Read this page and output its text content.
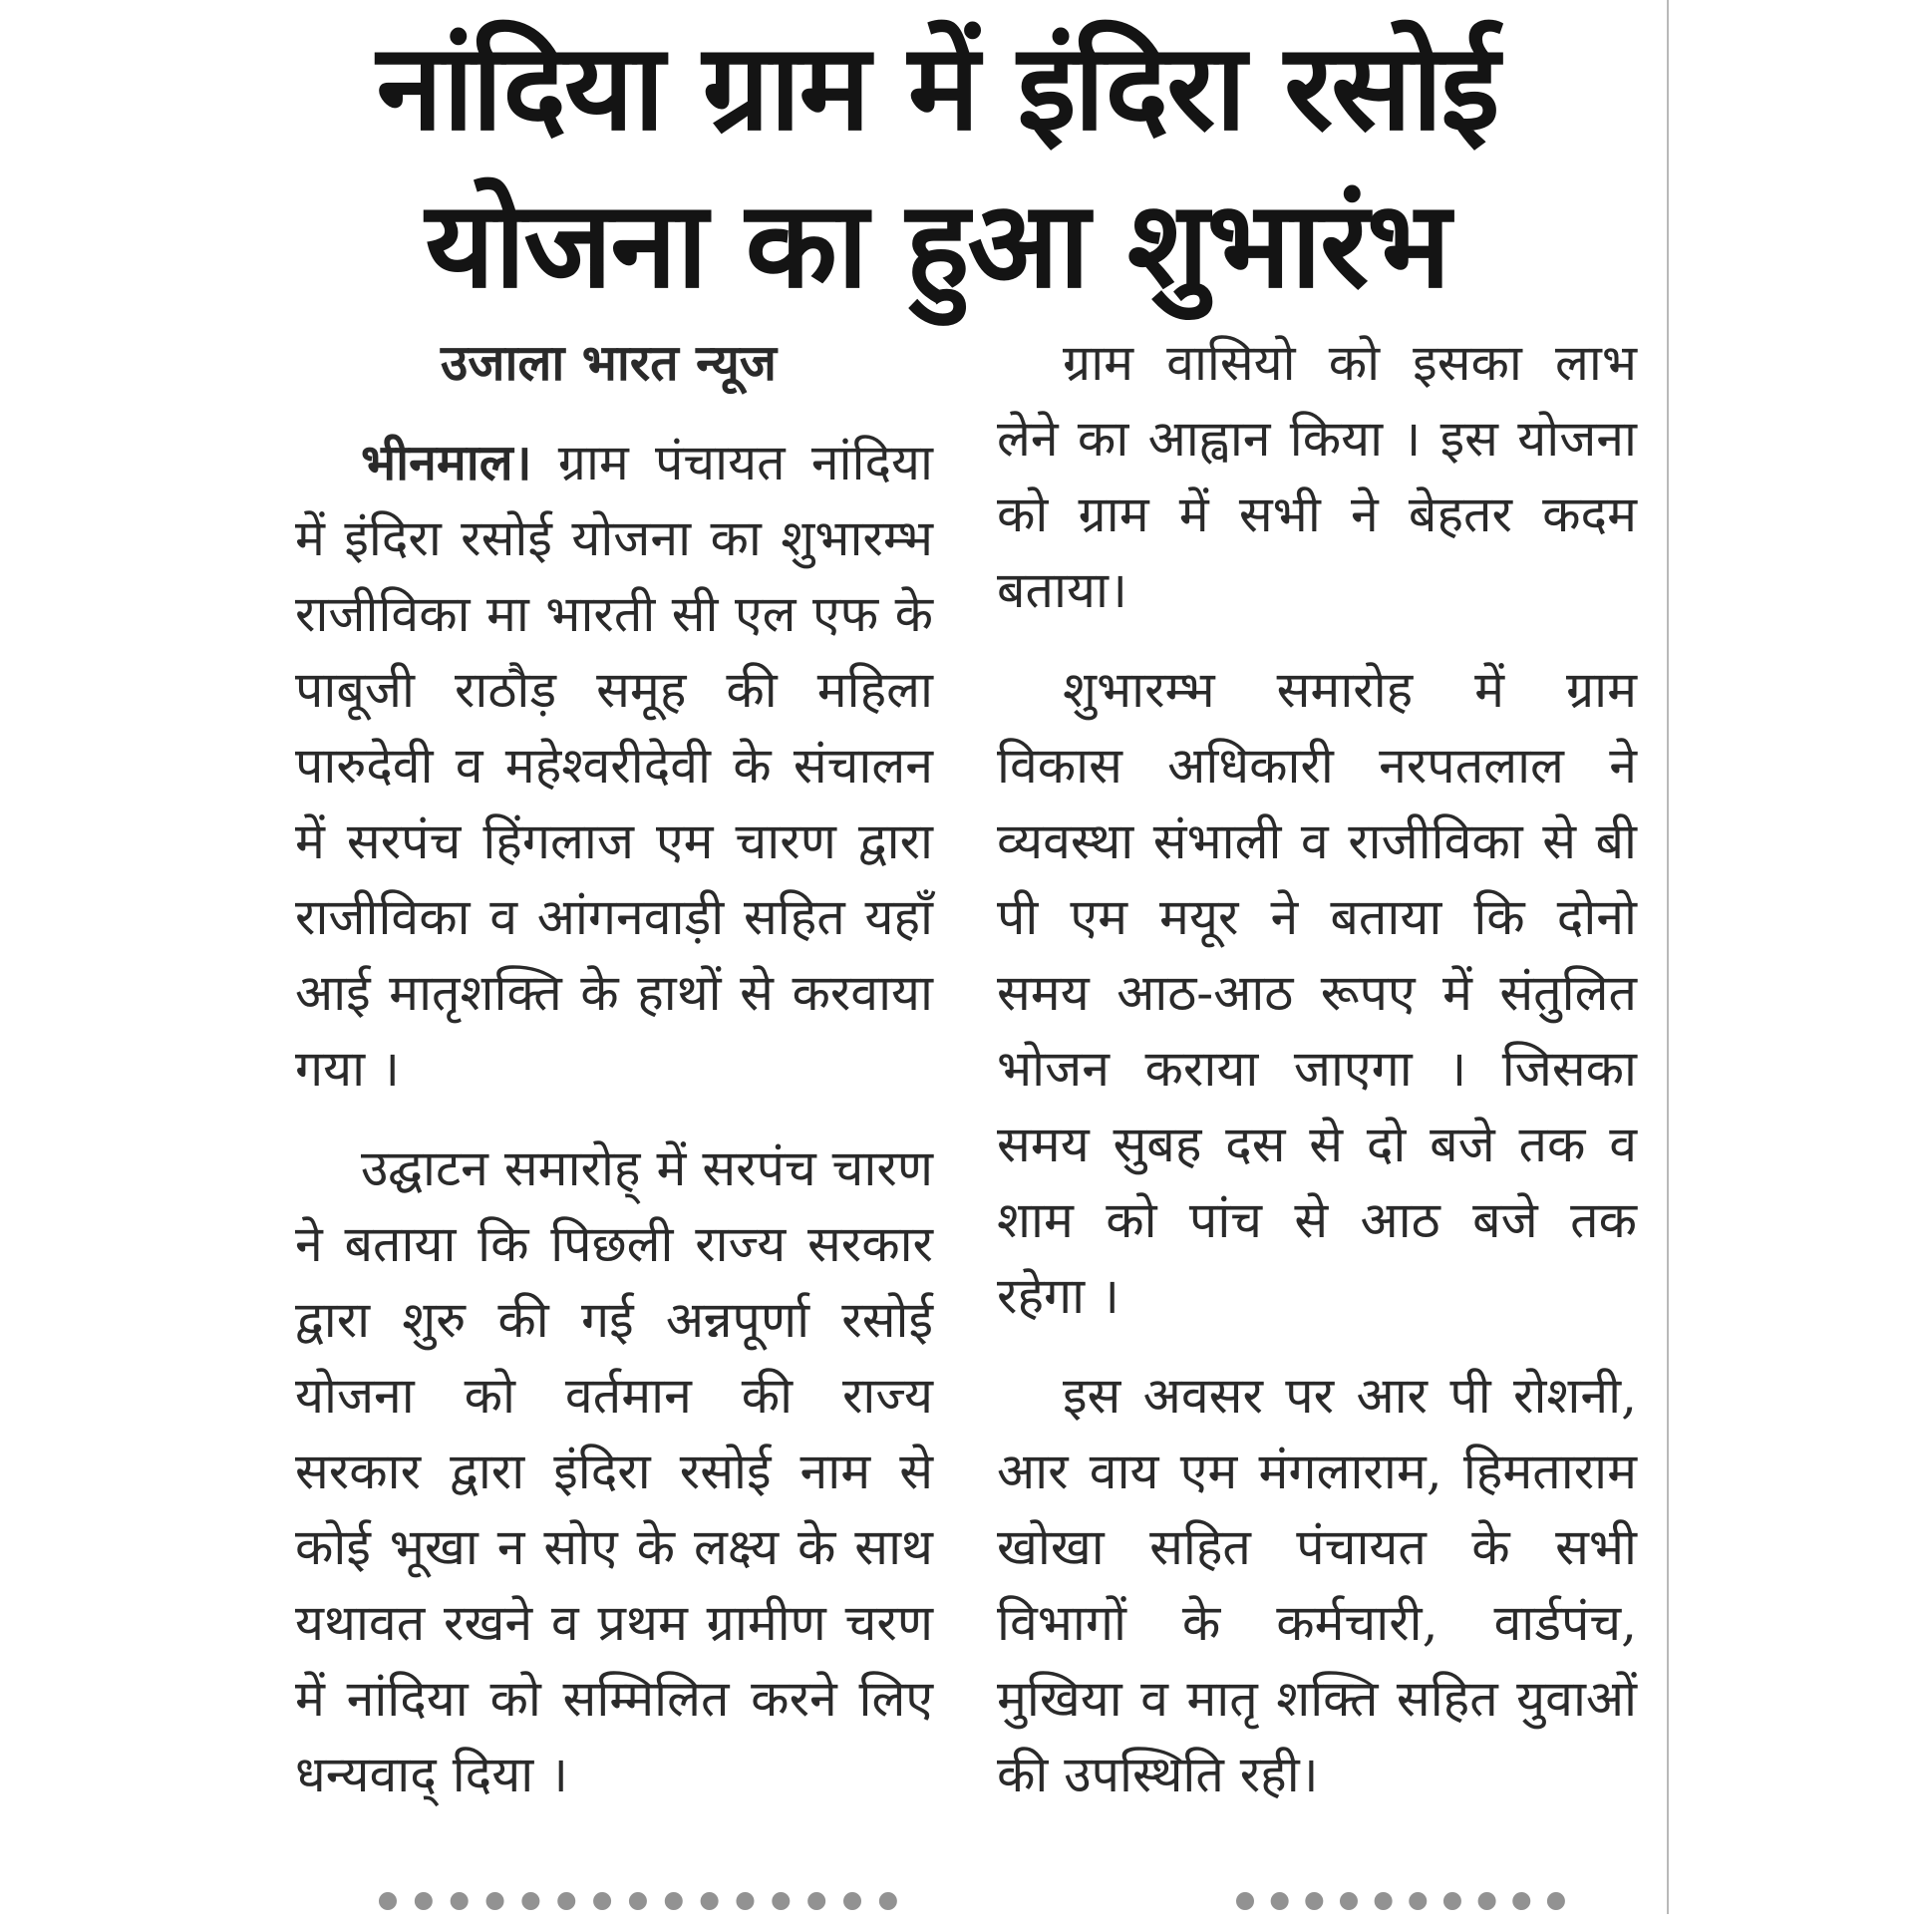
नांदिया ग्राम में इंदिरा रसोई
योजना का हुआ शुभारंभ

उजाला भारत न्यूज

भीनमाल। ग्राम पंचायत नांदिया में इंदिरा रसोई योजना का शुभारम्भ राजीविका मा भारती सी एल एफ के पाबूजी राठौड़ समूह की महिला पारुदेवी व महेश्वरीदेवी के संचालन में सरपंच हिंगलाज एम चारण द्वारा राजीविका व आंगनवाड़ी सहित यहाँ आई मातृशक्ति के हाथों से करवाया गया ।

उद्घाटन समारोह् में सरपंच चारण ने बताया कि पिछली राज्य सरकार द्वारा शुरु की गई अन्नपूर्णा रसोई योजना को वर्तमान की राज्य सरकार द्वारा इंदिरा रसोई नाम से कोई भूखा न सोए के लक्ष्य के साथ यथावत रखने व प्रथम ग्रामीण चरण में नांदिया को सम्मिलित करने लिए धन्यवाद् दिया ।

ग्राम वासियो को इसका लाभ लेने का आह्वान किया । इस योजना को ग्राम में सभी ने बेहतर कदम बताया।

शुभारम्भ समारोह में ग्राम विकास अधिकारी नरपतलाल ने व्यवस्था संभाली व राजीविका से बी पी एम मयूर ने बताया कि दोनो समय आठ-आठ रूपए में संतुलित भोजन कराया जाएगा । जिसका समय सुबह दस से दो बजे तक व शाम को पांच से आठ बजे तक रहेगा ।

इस अवसर पर आर पी रोशनी, आर वाय एम मंगलाराम, हिमताराम खोखा सहित पंचायत के सभी विभागों के कर्मचारी, वार्डपंच, मुखिया व मातृ शक्ति सहित युवाओं की उपस्थिति रही।
